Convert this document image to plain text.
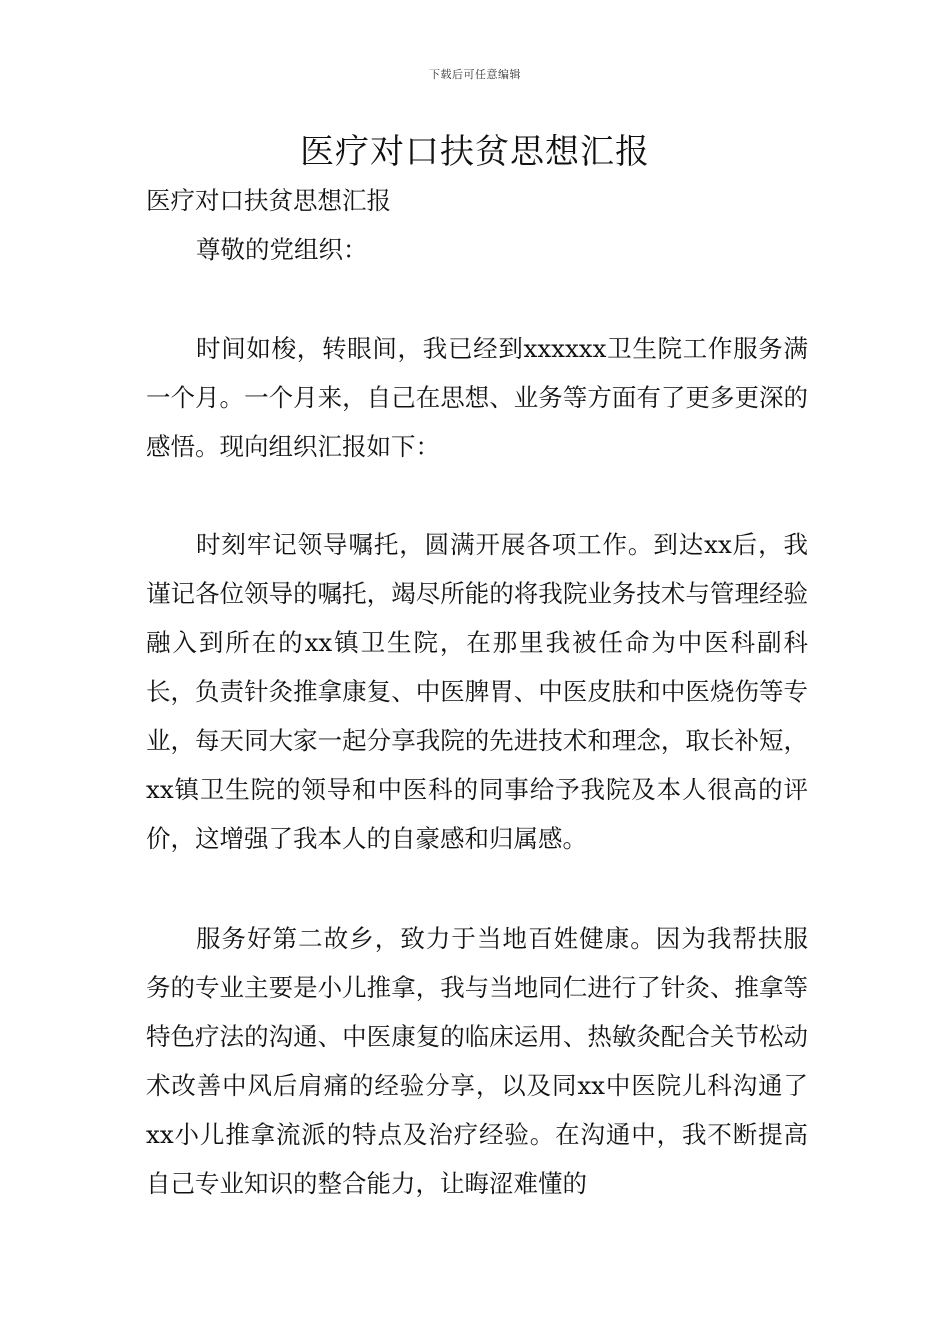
下载后可任意编辑
医疗对口扶贫思想汇报

医疗对口扶贫思想汇报

尊敬的党组织：

时间如梭，转眼间，我已经到xxxxxx卫生院工作服务满一个月。一个月来，自己在思想、业务等方面有了更多更深的感悟。现向组织汇报如下：

时刻牢记领导嘱托，圆满开展各项工作。到达xx后，我谨记各位领导的嘱托，竭尽所能的将我院业务技术与管理经验融入到所在的xx镇卫生院，在那里我被任命为中医科副科长，负责针灸推拿康复、中医脾胃、中医皮肤和中医烧伤等专业，每天同大家一起分享我院的先进技术和理念，取长补短，xx镇卫生院的领导和中医科的同事给予我院及本人很高的评价，这增强了我本人的自豪感和归属感。

服务好第二故乡，致力于当地百姓健康。因为我帮扶服务的专业主要是小儿推拿，我与当地同仁进行了针灸、推拿等特色疗法的沟通、中医康复的临床运用、热敏灸配合关节松动术改善中风后肩痛的经验分享，以及同xx中医院儿科沟通了xx小儿推拿流派的特点及治疗经验。在沟通中，我不断提高自己专业知识的整合能力，让晦涩难懂的
